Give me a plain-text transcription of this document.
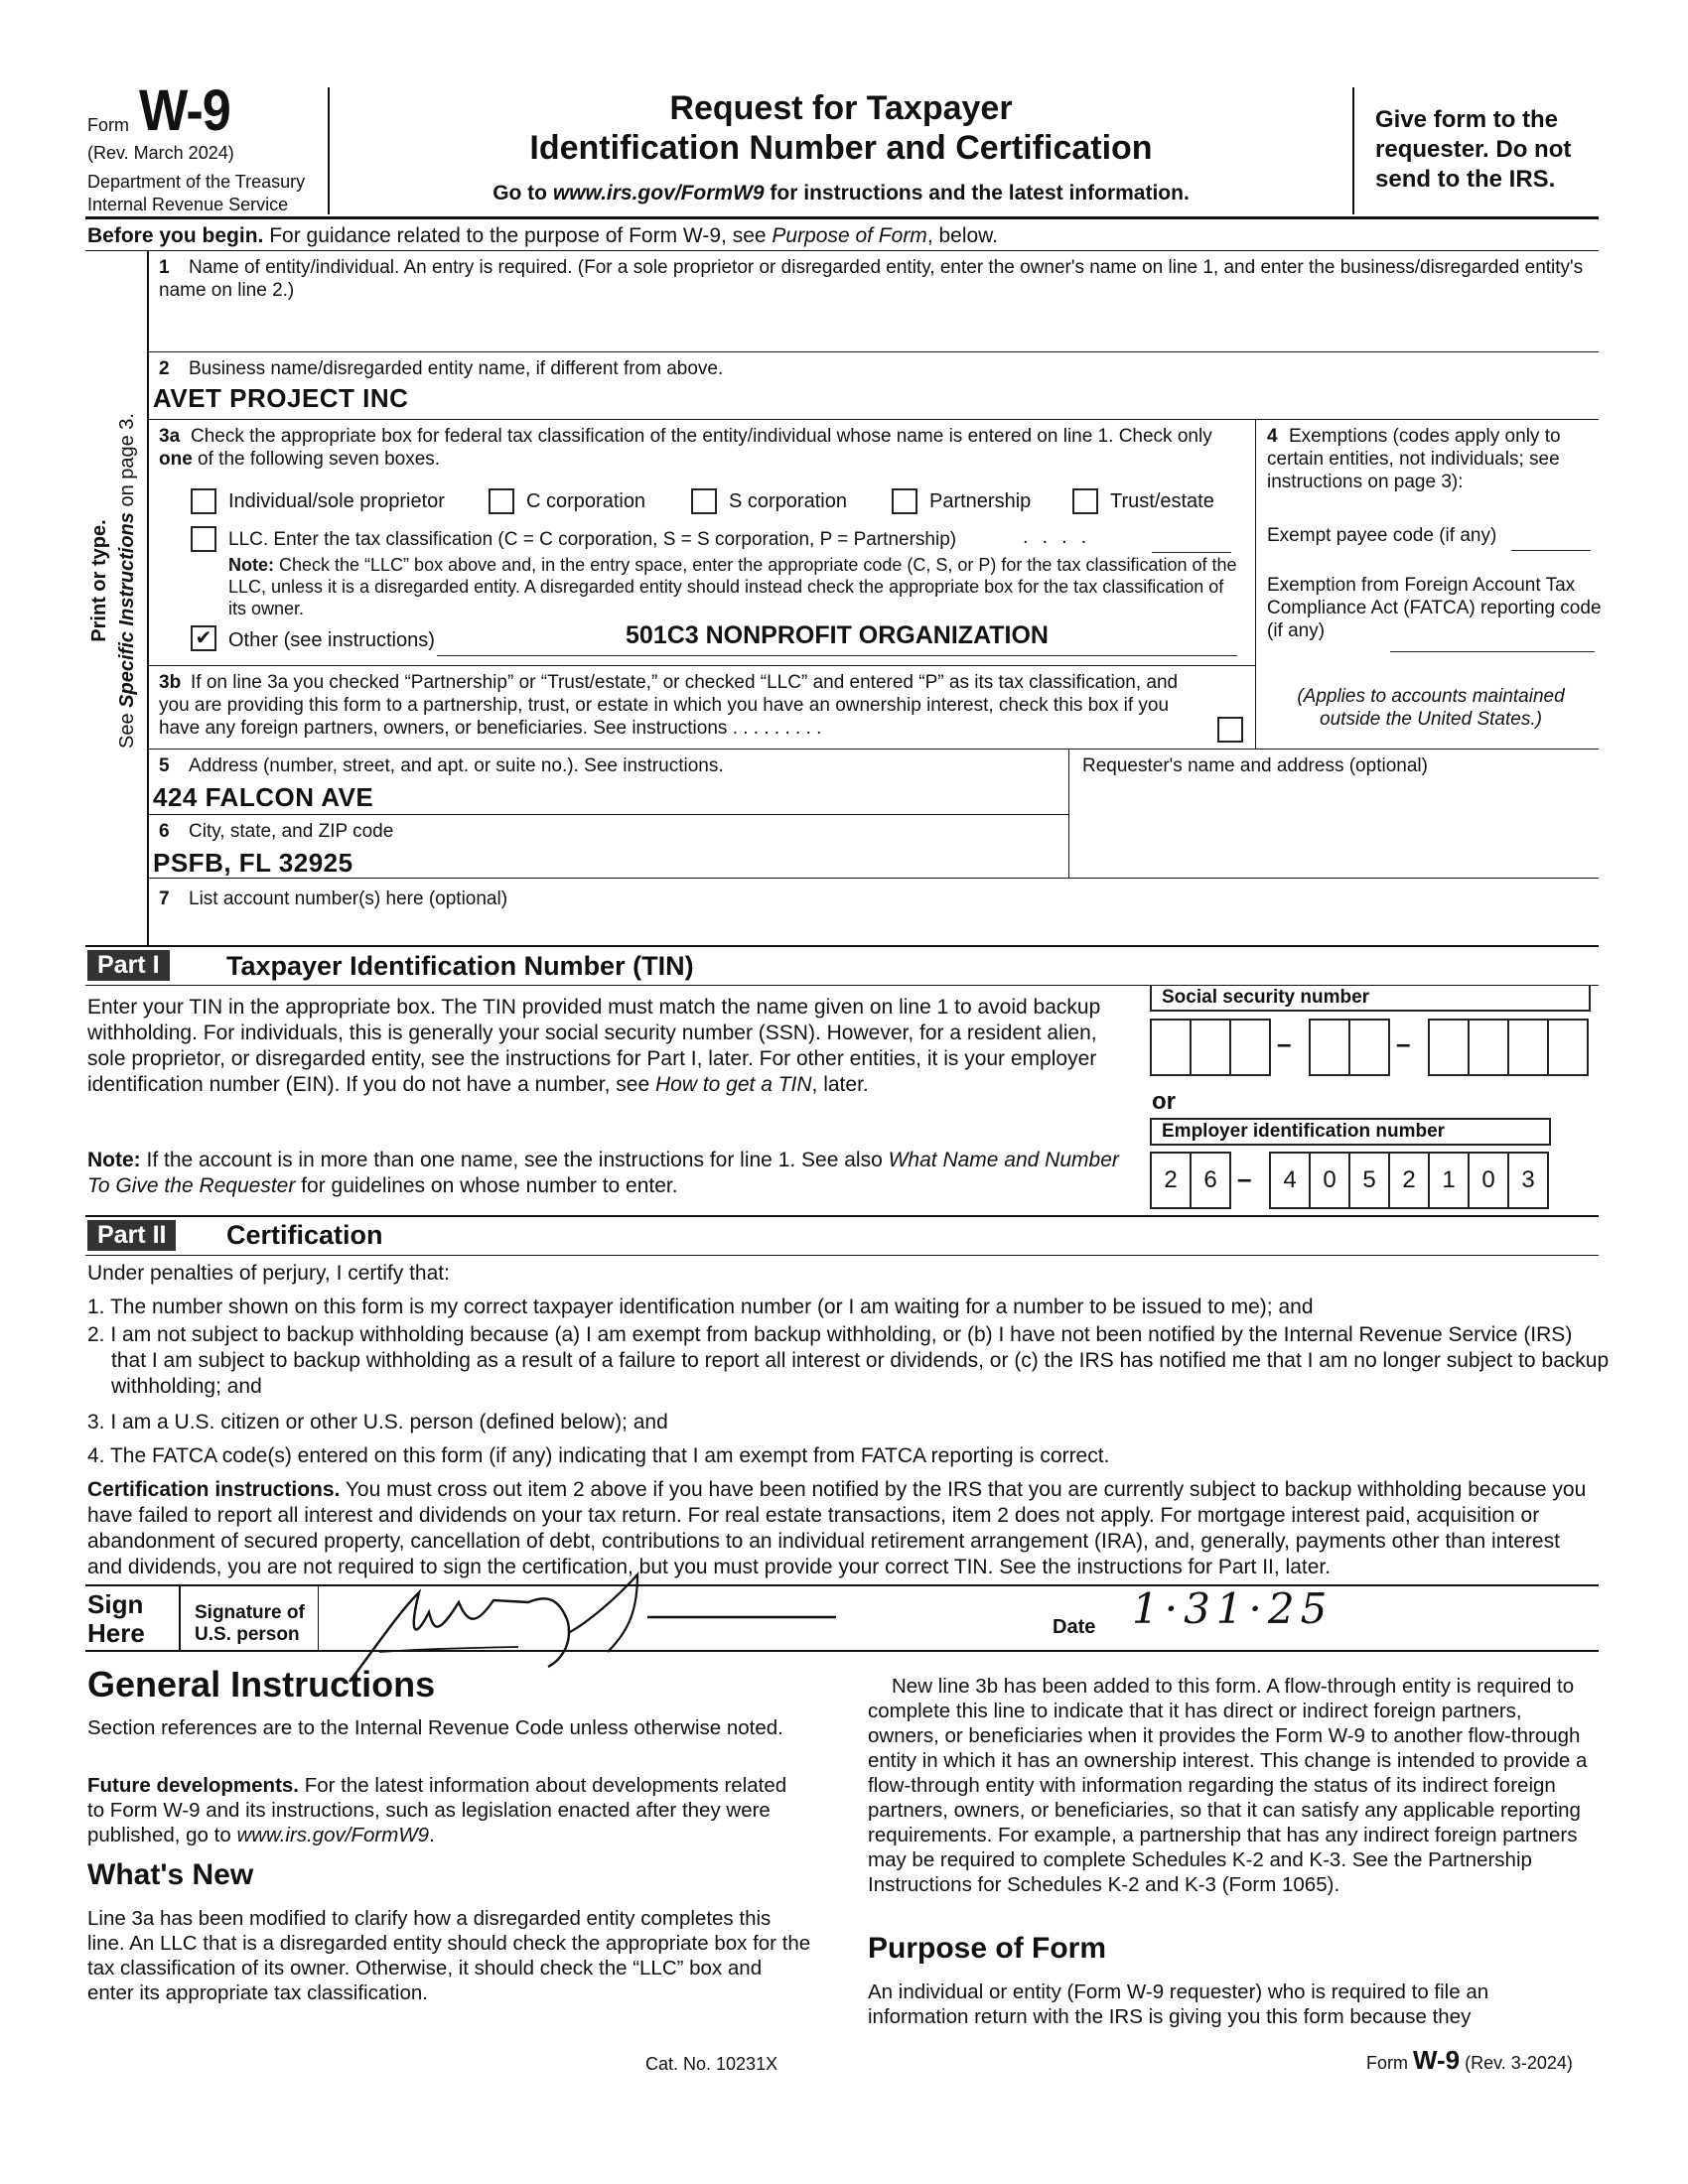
Form W-9
(Rev. March 2024)
Department of the Treasury
Internal Revenue Service
Request for Taxpayer
Identification Number and Certification
Go to www.irs.gov/FormW9 for instructions and the latest information.
Give form to the requester. Do not send to the IRS.
Before you begin. For guidance related to the purpose of Form W-9, see Purpose of Form, below.
Print or type.
See Specific Instructions on page 3.
1 Name of entity/individual. An entry is required. (For a sole proprietor or disregarded entity, enter the owner's name on line 1, and enter the business/disregarded entity's name on line 2.)
2 Business name/disregarded entity name, if different from above.
AVET PROJECT INC
3a Check the appropriate box for federal tax classification of the entity/individual whose name is entered on line 1. Check only one of the following seven boxes.
Individual/sole proprietor	C corporation	S corporation	Partnership	Trust/estate
LLC. Enter the tax classification (C = C corporation, S = S corporation, P = Partnership)	....
Note: Check the “LLC” box above and, in the entry space, enter the appropriate code (C, S, or P) for the tax classification of the LLC, unless it is a disregarded entity. A disregarded entity should instead check the appropriate box for the tax classification of its owner.
✔ Other (see instructions)	501C3 NONPROFIT ORGANIZATION
3b If on line 3a you checked “Partnership” or “Trust/estate,” or checked “LLC” and entered “P” as its tax classification, and you are providing this form to a partnership, trust, or estate in which you have an ownership interest, check this box if you have any foreign partners, owners, or beneficiaries. See instructions . . . . . . . . .
4 Exemptions (codes apply only to certain entities, not individuals; see instructions on page 3):
Exempt payee code (if any)
Exemption from Foreign Account Tax Compliance Act (FATCA) reporting code (if any)
(Applies to accounts maintained outside the United States.)
5 Address (number, street, and apt. or suite no.). See instructions.
424 FALCON AVE
Requester's name and address (optional)
6 City, state, and ZIP code
PSFB, FL 32925
7 List account number(s) here (optional)
Part I	Taxpayer Identification Number (TIN)
Enter your TIN in the appropriate box. The TIN provided must match the name given on line 1 to avoid backup withholding. For individuals, this is generally your social security number (SSN). However, for a resident alien, sole proprietor, or disregarded entity, see the instructions for Part I, later. For other entities, it is your employer identification number (EIN). If you do not have a number, see How to get a TIN, later.
Note: If the account is in more than one name, see the instructions for line 1. See also What Name and Number To Give the Requester for guidelines on whose number to enter.
Social security number
–	–
or
Employer identification number
2	6 –	4	0	5	2	1	0	3
Part II	Certification
Under penalties of perjury, I certify that:
1. The number shown on this form is my correct taxpayer identification number (or I am waiting for a number to be issued to me); and
2. I am not subject to backup withholding because (a) I am exempt from backup withholding, or (b) I have not been notified by the Internal Revenue Service (IRS) that I am subject to backup withholding as a result of a failure to report all interest or dividends, or (c) the IRS has notified me that I am no longer subject to backup withholding; and
3. I am a U.S. citizen or other U.S. person (defined below); and
4. The FATCA code(s) entered on this form (if any) indicating that I am exempt from FATCA reporting is correct.
Certification instructions. You must cross out item 2 above if you have been notified by the IRS that you are currently subject to backup withholding because you have failed to report all interest and dividends on your tax return. For real estate transactions, item 2 does not apply. For mortgage interest paid, acquisition or abandonment of secured property, cancellation of debt, contributions to an individual retirement arrangement (IRA), and, generally, payments other than interest and dividends, you are not required to sign the certification, but you must provide your correct TIN. See the instructions for Part II, later.
Sign
Here
Signature of
U.S. person	Date 1·31·25
General Instructions
Section references are to the Internal Revenue Code unless otherwise noted.
Future developments. For the latest information about developments related to Form W-9 and its instructions, such as legislation enacted after they were published, go to www.irs.gov/FormW9.
What's New
Line 3a has been modified to clarify how a disregarded entity completes this line. An LLC that is a disregarded entity should check the appropriate box for the tax classification of its owner. Otherwise, it should check the “LLC” box and enter its appropriate tax classification.
New line 3b has been added to this form. A flow-through entity is required to complete this line to indicate that it has direct or indirect foreign partners, owners, or beneficiaries when it provides the Form W-9 to another flow-through entity in which it has an ownership interest. This change is intended to provide a flow-through entity with information regarding the status of its indirect foreign partners, owners, or beneficiaries, so that it can satisfy any applicable reporting requirements. For example, a partnership that has any indirect foreign partners may be required to complete Schedules K-2 and K-3. See the Partnership Instructions for Schedules K-2 and K-3 (Form 1065).
Purpose of Form
An individual or entity (Form W-9 requester) who is required to file an information return with the IRS is giving you this form because they
Cat. No. 10231X	Form W-9 (Rev. 3-2024)
